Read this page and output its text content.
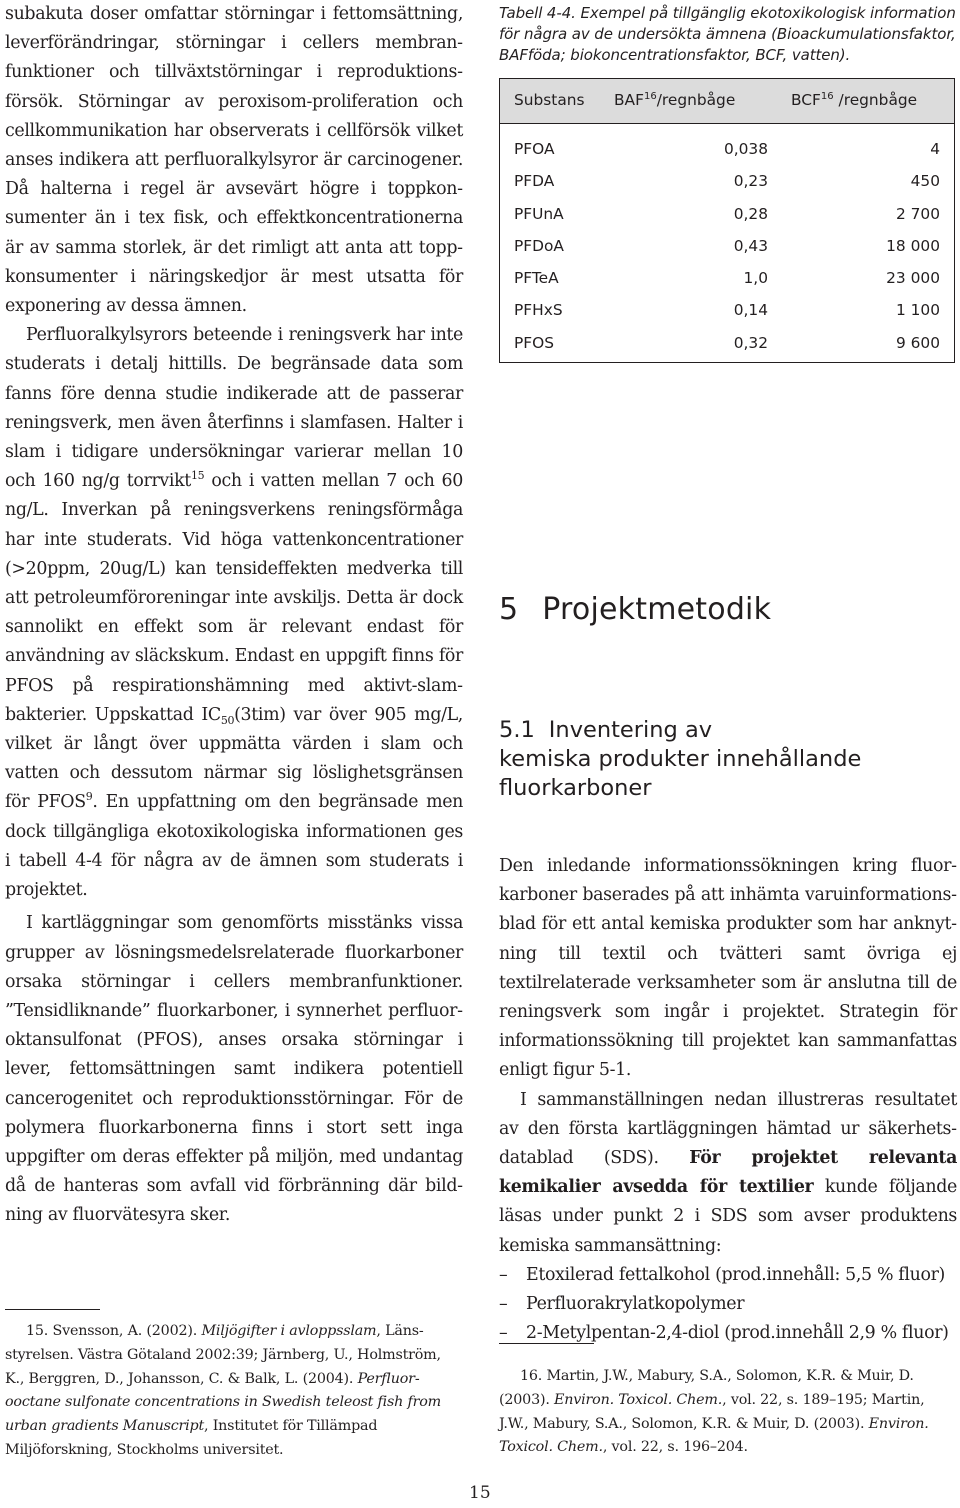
subakuta doser omfattar störningar i fettomsättning, leverförändringar, störningar i cellers membranfunktioner och tillväxtstörningar i reproduktionsförsök. Störningar av peroxisom-proliferation och cellkommunikation har observerats i cellförsök vilket anses indikera att perfluoralkylsyror är carcinogener. Då halterna i regel är avsevärt högre i toppkonsumenter än i tex fisk, och effektkoncentrationerna är av samma storlek, är det rimligt att anta att toppkonsumenter i näringskedjor är mest utsatta för exponering av dessa ämnen.

Perfluoralkylsyrors beteende i reningsverk har inte studerats i detalj hittills. De begränsade data som fanns före denna studie indikerade att de passerar reningsverk, men även återfinns i slamfasen. Halter i slam i tidigare undersökningar varierar mellan 10 och 160 ng/g torrvikt$^{15}$ och i vatten mellan 7 och 60 ng/L. Inverkan på reningsverkens reningsförmåga har inte studerats. Vid höga vattenkoncentrationer (>20ppm, 20ug/L) kan tensideffekten medverka till att petroleumföroreningar inte avskiljs. Detta är dock sannolikt en effekt som är relevant endast för användning av släckskum. Endast en uppgift finns för PFOS på respirationshämning med aktivt-slambakterier. Uppskattad $IC_{50}(3tim)$ var över 905 mg/L, vilket är långt över uppmätta värden i slam och vatten och dessutom närmar sig löslighetsgränsen för PFOS$^9$. En uppfattning om den begränsade men dock tillgängliga ekotoxikologiska informationen ges i tabell 4-4 för några av de ämnen som studerats i projektet.

I kartläggningar som genomförts misstänks vissa grupper av lösningsmedelsrelaterade fluorkarboner orsaka störningar i cellers membranfunktioner. ”Tensidliknande” fluorkarboner, i synnerhet perfluoroktansulfonat (PFOS), anses orsaka störningar i lever, fettomsättningen samt indikera potentiell cancerogenitet och reproduktionsstörningar. För de polymera fluorkarbonerna finns i stort sett inga uppgifter om deras effekter på miljön, med undantag då de hanteras som avfall vid förbränning där bildning av fluorvätesyra sker.

15. Svensson, A. (2002). Miljögifter i avloppsslam, Länsstyrelsen. Västra Götaland 2002:39; Järnberg, U., Holmström, K., Berggren, D., Johansson, C. & Balk, L. (2004). Perfluorooctane sulfonate concentrations in Swedish teleost fish from urban gradients Manuscript, Institutet för Tillämpad Miljöforskning, Stockholms universitet.

Tabell 4-4. Exempel på tillgänglig ekotoxikologisk information för några av de undersökta ämnena (Bioackumulationsfaktor, BAFföda; biokoncentrationsfaktor, BCF, vatten).

Substans BAF$^{16}$/regnbåge	BCF$^{16}$ /regnbåge
PFOA	0,038	4
PFDA	0,23	450
PFUnA	0,28	2 700
PFDoA	0,43	18 000
PFTeA	1,0	23 000
PFHxS	0,14	1 100
PFOS	0,32	9 600
5 Projektmetodik
5.1 Inventering av
kemiska produkter innehållande fluorkarboner

Den inledande informationssökningen kring fluorkarboner baserades på att inhämta varuinformationsblad för ett antal kemiska produkter som har anknytning till textil och tvätteri samt övriga ej textilrelaterade verksamheter som är anslutna till de reningsverk som ingår i projektet. Strategin för informationssökning till projektet kan sammanfattas enligt figur 5-1.

I sammanställningen nedan illustreras resultatet av den första kartläggningen hämtad ur säkerhetsdatablad (SDS). För projektet relevanta kemikalier avsedda för textilier kunde följande läsas under punkt 2 i SDS som avser produktens kemiska sammansättning:

– Etoxilerad fettalkohol (prod.innehåll: 5,5 % fluor)
– Perfluorakrylatkopolymer
– 2-Metylpentan-2,4-diol (prod.innehåll 2,9 % fluor)

16. Martin, J.W., Mabury, S.A., Solomon, K.R. & Muir, D. (2003). Environ. Toxicol. Chem., vol. 22, s. 189–195; Martin, J.W., Mabury, S.A., Solomon, K.R. & Muir, D. (2003). Environ. Toxicol. Chem., vol. 22, s. 196–204.

15
